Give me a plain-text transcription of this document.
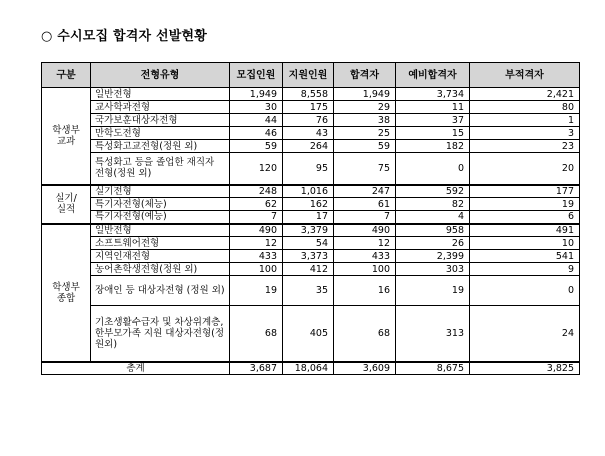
○ 수시모집 합격자 선발현황
구분	전형유형	모집인원	지원인원	합격자	예비합격자	부적격자
학생부
교과	일반전형	1,949	8,558	1,949	3,734	2,421
	교사학과전형	30	175	29	11	80
	국가보훈대상자전형	44	76	38	37	1
	만학도전형	46	43	25	15	3
	특성화고교전형(정원 외)	59	264	59	182	23
	특성화고 등을 졸업한 재직자 전형(정원 외)	120	95	75	0	20
실기/
실적	실기전형	248	1,016	247	592	177
	특기자전형(체능)	62	162	61	82	19
	특기자전형(예능)	7	17	7	4	6
학생부
종합	일반전형	490	3,379	490	958	491
	소프트웨어전형	12	54	12	26	10
	지역인재전형	433	3,373	433	2,399	541
	농어촌학생전형(정원 외)	100	412	100	303	9
	장애인 등 대상자전형 (정원 외)	19	35	16	19	0
	기초생활수급자 및 차상위계층, 한부모가족 지원 대상자전형(정원외)	68	405	68	313	24
총계		3,687	18,064	3,609	8,675	3,825
